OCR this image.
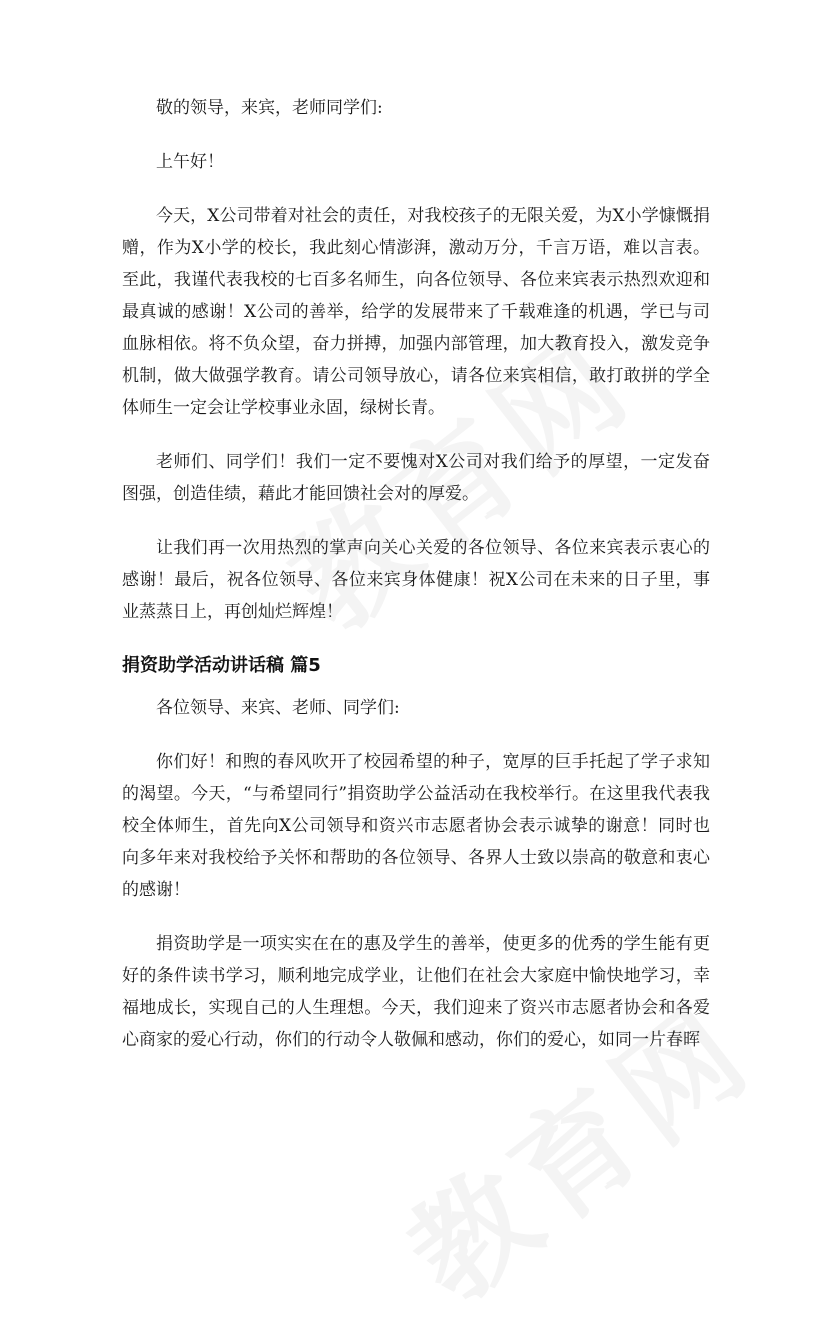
敬的领导，来宾，老师同学们:

上午好！

今天，X公司带着对社会的责任，对我校孩子的无限关爱，为X小学慷慨捐赠，作为X小学的校长，我此刻心情澎湃，激动万分，千言万语，难以言表。至此，我谨代表我校的七百多名师生，向各位领导、各位来宾表示热烈欢迎和最真诚的感谢！X公司的善举，给学的发展带来了千载难逢的机遇，学已与司血脉相依。将不负众望，奋力拼搏，加强内部管理，加大教育投入，激发竞争机制，做大做强学教育。请公司领导放心，请各位来宾相信，敢打敢拼的学全体师生一定会让学校事业永固，绿树长青。

老师们、同学们！我们一定不要愧对X公司对我们给予的厚望，一定发奋图强，创造佳绩，藉此才能回馈社会对的厚爱。

让我们再一次用热烈的掌声向关心关爱的各位领导、各位来宾表示衷心的感谢！最后，祝各位领导、各位来宾身体健康！祝X公司在未来的日子里，事业蒸蒸日上，再创灿烂辉煌！

捐资助学活动讲话稿 篇5

各位领导、来宾、老师、同学们:

你们好！和煦的春风吹开了校园希望的种子，宽厚的巨手托起了学子求知的渴望。今天，“与希望同行”捐资助学公益活动在我校举行。在这里我代表我校全体师生，首先向X公司领导和资兴市志愿者协会表示诚挚的谢意！同时也向多年来对我校给予关怀和帮助的各位领导、各界人士致以崇高的敬意和衷心的感谢！

捐资助学是一项实实在在的惠及学生的善举，使更多的优秀的学生能有更好的条件读书学习，顺利地完成学业，让他们在社会大家庭中愉快地学习，幸福地成长，实现自己的人生理想。今天，我们迎来了资兴市志愿者协会和各爱心商家的爱心行动，你们的行动令人敬佩和感动，你们的爱心，如同一片春晖
